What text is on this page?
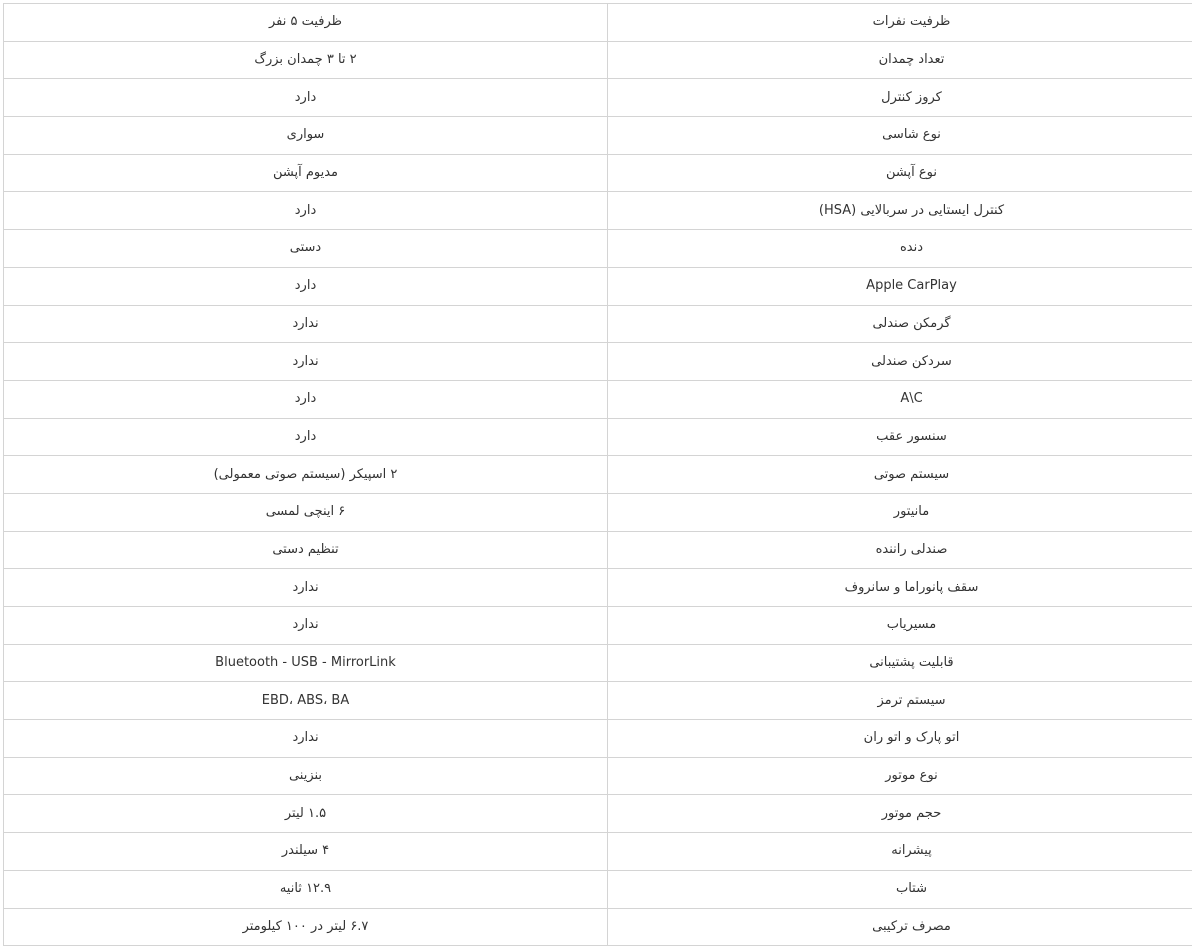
ظرفیت نفرات	ظرفیت ۵ نفر
تعداد چمدان	۲ تا ۳ چمدان بزرگ
کروز کنترل	دارد
نوع شاسی	سواری
نوع آپشن	مدیوم آپشن
کنترل ایستایی در سربالایی (HSA)	دارد
دنده	دستی
Apple CarPlay	دارد
گرمکن صندلی	ندارد
سردکن صندلی	ندارد
A\C	دارد
سنسور عقب	دارد
سیستم صوتی	۲ اسپیکر (سیستم صوتی معمولی)
مانیتور	۶ اینچی لمسی
صندلی راننده	تنظیم دستی
سقف پانوراما و سانروف	ندارد
مسیریاب	ندارد
قابلیت پشتیبانی	Bluetooth - USB - MirrorLink
سیستم ترمز	EBD، ABS، BA
اتو پارک و اتو ران	ندارد
نوع موتور	بنزینی
حجم موتور	۱.۵ لیتر
پیشرانه	۴ سیلندر
شتاب	۱۲.۹ ثانیه
مصرف ترکیبی	۶.۷ لیتر در ۱۰۰ کیلومتر
